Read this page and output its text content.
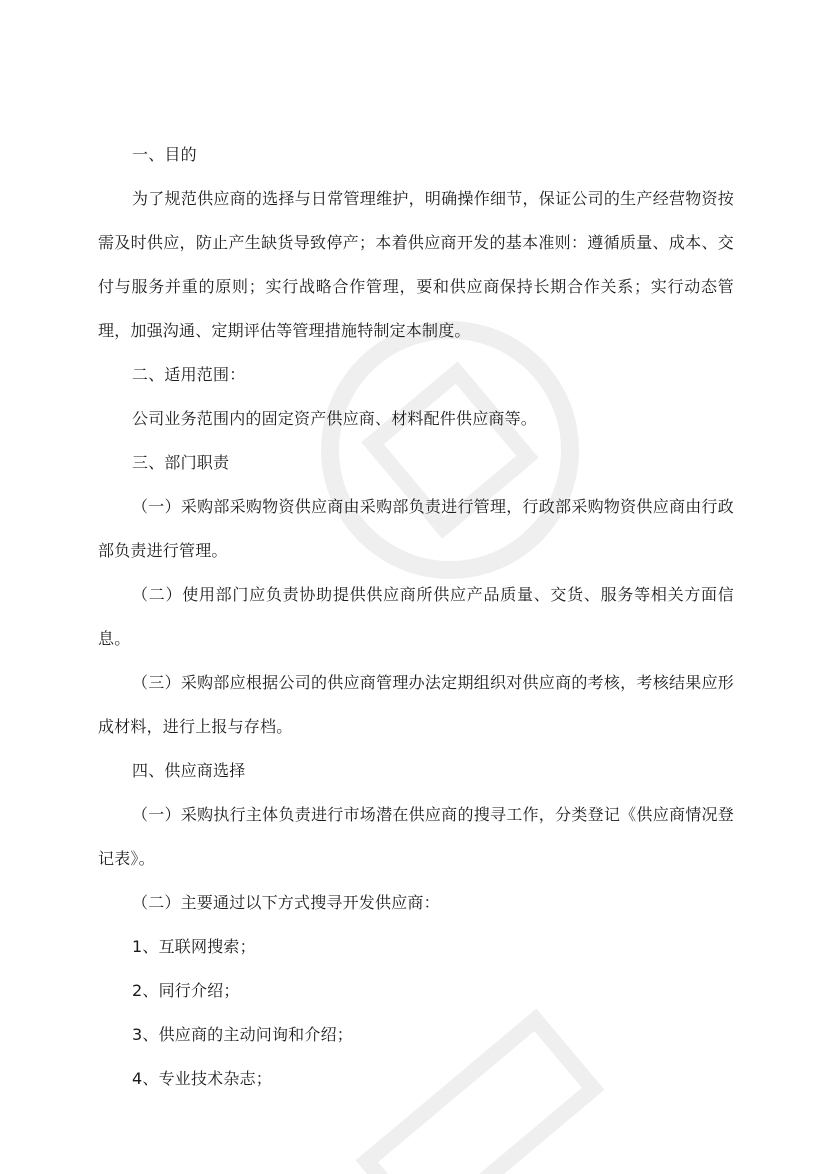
一、目的

为了规范供应商的选择与日常管理维护，明确操作细节，保证公司的生产经营物资按需及时供应，防止产生缺货导致停产；本着供应商开发的基本准则：遵循质量、成本、交付与服务并重的原则；实行战略合作管理，要和供应商保持长期合作关系；实行动态管理，加强沟通、定期评估等管理措施特制定本制度。

二、适用范围：

公司业务范围内的固定资产供应商、材料配件供应商等。

三、部门职责

（一）采购部采购物资供应商由采购部负责进行管理，行政部采购物资供应商由行政部负责进行管理。

（二）使用部门应负责协助提供供应商所供应产品质量、交货、服务等相关方面信息。

（三）采购部应根据公司的供应商管理办法定期组织对供应商的考核，考核结果应形成材料，进行上报与存档。

四、供应商选择

（一）采购执行主体负责进行市场潜在供应商的搜寻工作，分类登记《供应商情况登记表》。

（二）主要通过以下方式搜寻开发供应商：

1、互联网搜索；

2、同行介绍；

3、供应商的主动问询和介绍；

4、专业技术杂志；
